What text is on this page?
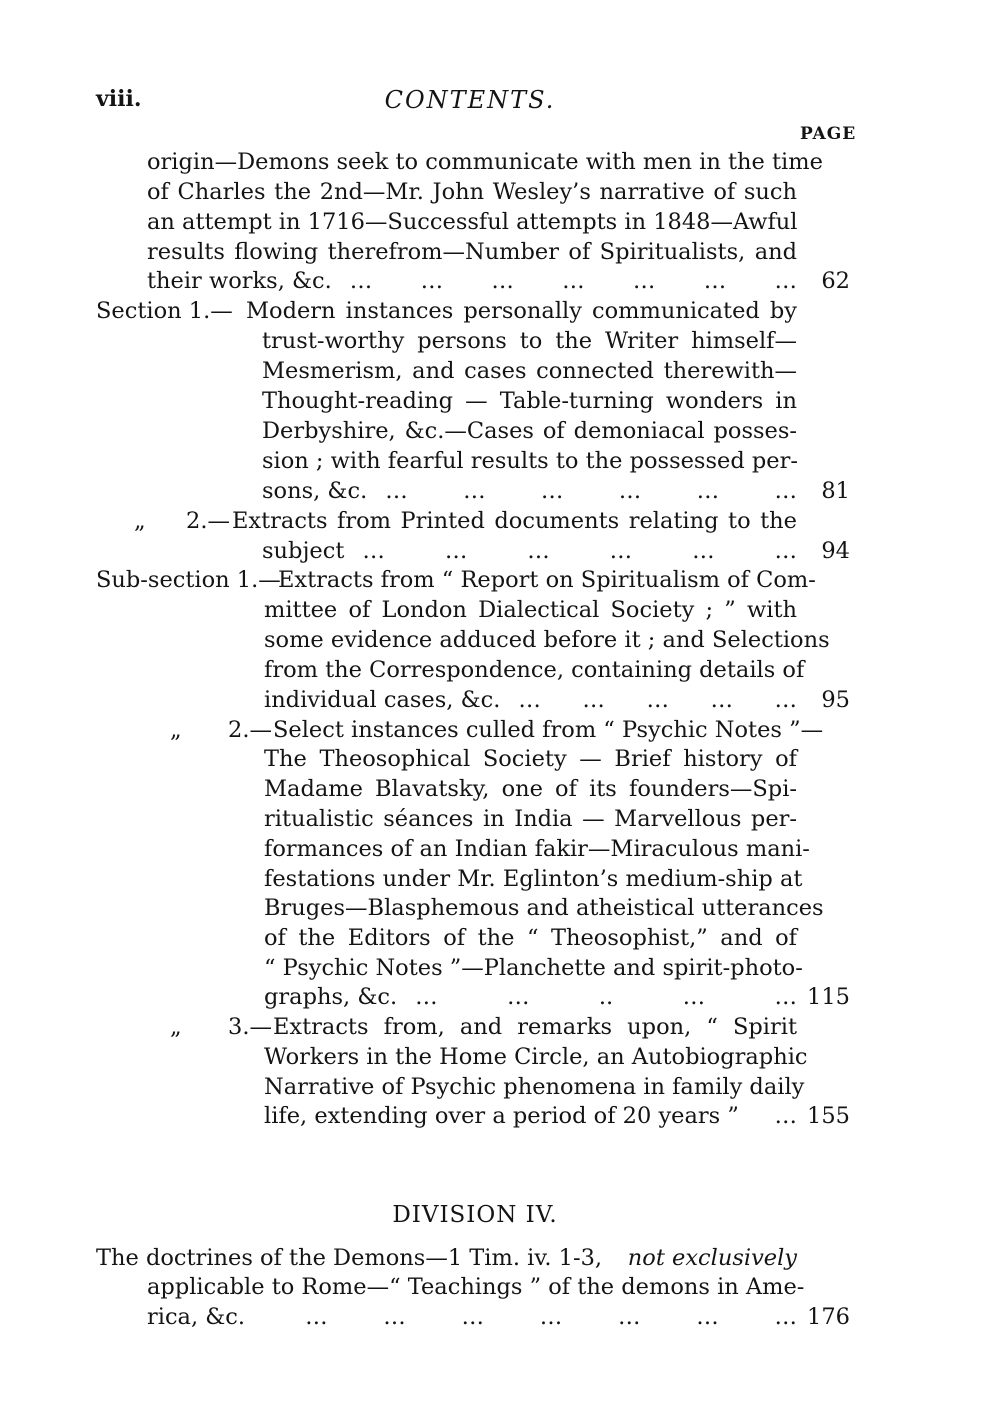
viii.	CONTENTS.
PAGE
origin—Demons seek to communicate with men in the time
of Charles the 2nd—Mr. John Wesley’s narrative of such
an attempt in 1716—Successful attempts in 1848—Awful
results flowing therefrom—Number of Spiritualists, and
their works, &c. … … … … … … …	62
Section 1.— Modern instances personally communicated by
trust-worthy persons to the Writer himself—
Mesmerism, and cases connected therewith—
Thought-reading — Table-turning wonders in
Derbyshire, &c.—Cases of demoniacal posses-
sion ; with fearful results to the possessed per-
sons, &c. … … … … … …	81
„ 2.— Extracts from Printed documents relating to the
subject …	…	…	…	…	…	94
Sub-section 1.—
Extracts from “ Report on Spiritualism of Com-
mittee of London Dialectical Society ; ” with
some evidence adduced before it ; and Selections
from the Correspondence, containing details of
individual cases, &c. … … … … …	95
„ 2.— Select instances culled from “ Psychic Notes ”—
The Theosophical Society — Brief history of
Madame Blavatsky, one of its founders—Spi-
ritualistic séances in India — Marvellous per-
formances of an Indian fakir—Miraculous mani-
festations under Mr. Eglinton’s medium-ship at
Bruges—Blasphemous and atheistical utterances
of the Editors of the “ Theosophist,” and of
“ Psychic Notes ”—Planchette and spirit-photo-
graphs, &c. …	…	..	…	… 115
„ 3.— Extracts from, and remarks upon, “ Spirit
Workers in the Home Circle, an Autobiographic
Narrative of Psychic phenomena in family daily
life, extending over a period of 20 years ” … 155
DIVISION IV.
The doctrines of the Demons—1 Tim. iv. 1-3, not exclusively
applicable to Rome—“ Teachings ” of the demons in Ame-
rica, &c.	… … … … … … … 176
